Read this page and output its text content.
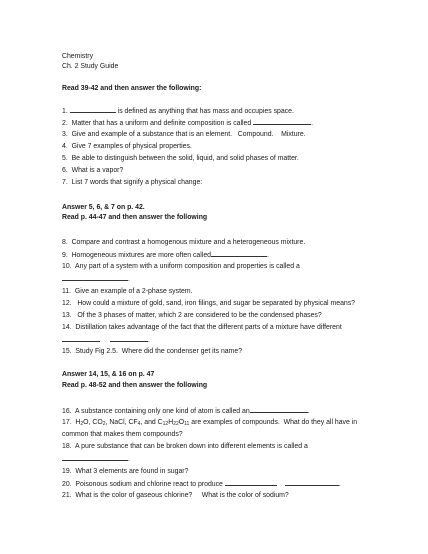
Chemistry
Ch. 2 Study Guide
Read 39-42 and then answer the following:
1.	is defined as anything that has mass and occupies space.
2.  Matter that has a uniform and definite composition is called	.
3.  Give and example of a substance that is an element.   Compound.    Mixture.
4.  Give 7 examples of physical properties.
5.  Be able to distinguish between the solid, liquid, and solid phases of matter.
6.  What is a vapor?
7.  List 7 words that signify a physical change:
Answer 5, 6, & 7 on p. 42.
Read p. 44-47 and then answer the following
8.  Compare and contrast a homogenous mixture and a heterogeneous mixture.
9.  Homogeneous mixtures are more often called	.
10.  Any part of a system with a uniform composition and properties is called a
.
11.  Give an example of a 2-phase system.
12.   How could a mixture of gold, sand, iron filings, and sugar be separated by physical means?
13.   Of the 3 phases of matter, which 2 are considered to be the condensed phases?
14.  Distillation takes advantage of the fact that the different parts of a mixture have different
.
15.  Study Fig 2.5.  Where did the condenser get its name?
Answer 14, 15, & 16 on p. 47
Read p. 48-52 and then answer the following
16.  A substance containing only one kind of atom is called an	.
17.  $H_2O$, $CO_2$, NaCl, $CF_4$, and $C_{12}H_{22}O_{11}$ are examples of compounds.  What do they all have in
common that makes them compounds?
18.  A pure substance that can be broken down into different elements is called a
.
19.  What 3 elements are found in sugar?
20.  Poisonous sodium and chlorine react to produce	.
21.  What is the color of gaseous chlorine?     What is the color of sodium?
